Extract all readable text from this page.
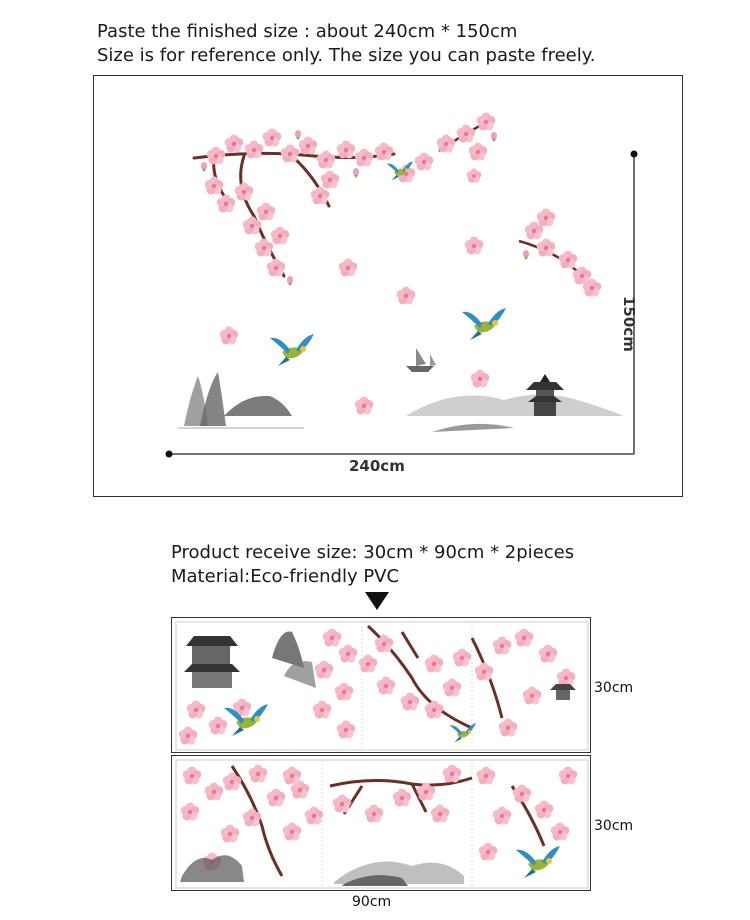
Paste the finished size : about 240cm * 150cm
Size is for reference only. The size you can paste freely.
240cm
150cm
Product receive size: 30cm * 90cm * 2pieces
Material:Eco-friendly PVC
30cm
30cm
90cm
